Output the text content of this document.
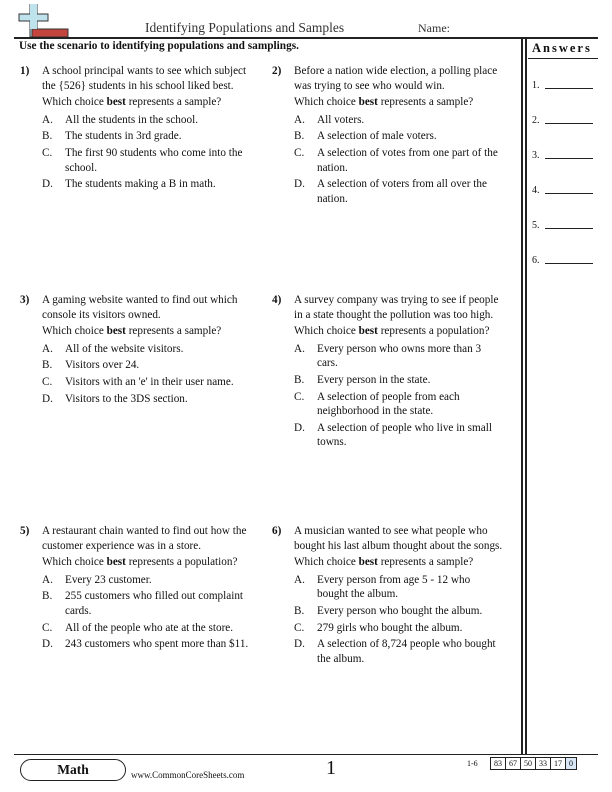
Identifying Populations and Samples	Name:
Use the scenario to identifying populations and samplings.	Answers
1.
2.
3.
4.
5.
6.
1) A school principal wants to see which subject the {526} students in his school liked best.

Which choice best represents a sample?

A. All the students in the school.
B. The students in 3rd grade.
C. The first 90 students who come into the school.
D. The students making a B in math.
2) Before a nation wide election, a polling place was trying to see who would win.

Which choice best represents a sample?

A. All voters.
B. A selection of male voters.
C. A selection of votes from one part of the nation.
D. A selection of voters from all over the nation.
3) A gaming website wanted to find out which console its visitors owned.

Which choice best represents a sample?

A. All of the website visitors.
B. Visitors over 24.
C. Visitors with an 'e' in their user name.
D. Visitors to the 3DS section.
4) A survey company was trying to see if people in a state thought the pollution was too high.

Which choice best represents a population?

A. Every person who owns more than 3 cars.
B. Every person in the state.
C. A selection of people from each neighborhood in the state.
D. A selection of people who live in small towns.
5) A restaurant chain wanted to find out how the customer experience was in a store.

Which choice best represents a population?

A. Every 23 customer.
B. 255 customers who filled out complaint cards.
C. All of the people who ate at the store.
D. 243 customers who spent more than $11.
6) A musician wanted to see what people who bought his last album thought about the songs.

Which choice best represents a sample?

A. Every person from age 5 - 12 who bought the album.
B. Every person who bought the album.
C. 279 girls who bought the album.
D. A selection of 8,724 people who bought the album.
Math	www.CommonCoreSheets.com	1	1-6 83	67	50	33	17	0
